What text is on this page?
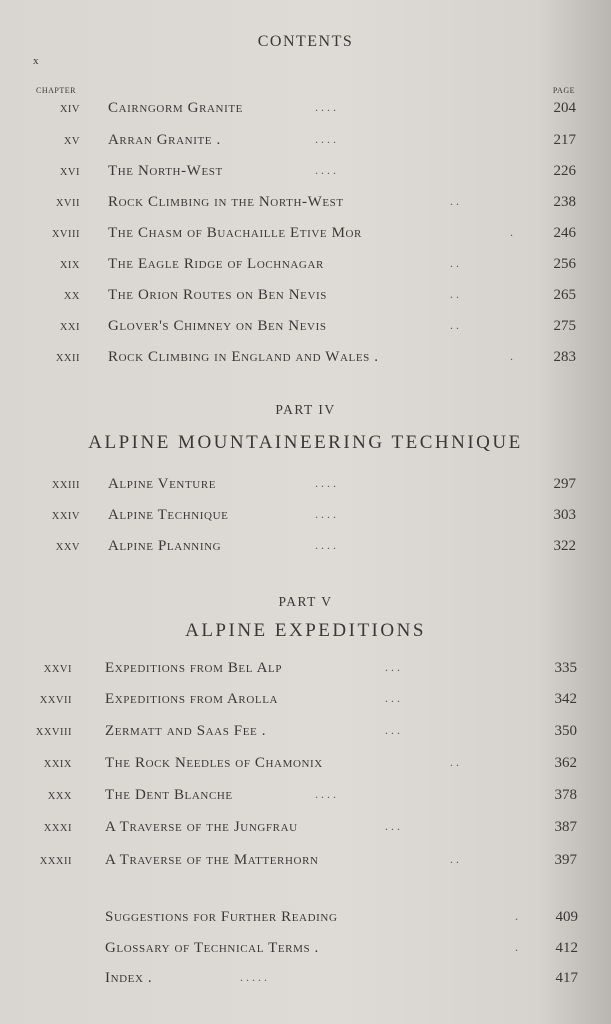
CONTENTS
x
CHAPTER	PAGE
XIV Cairngorm Granite	. . . .	204
XV Arran Granite .	. . . .	217
XVI The North-West	. . . .	226
XVII Rock Climbing in the North-West	. .	238
XVIII The Chasm of Buachaille Etive Mor	.	246
XIX The Eagle Ridge of Lochnagar	. .	256
XX The Orion Routes on Ben Nevis	. .	265
XXI Glover's Chimney on Ben Nevis	. .	275
XXII Rock Climbing in England and Wales .	.	283
PART IV
ALPINE MOUNTAINEERING TECHNIQUE
XXIII Alpine Venture	. . . .	297
XXIV Alpine Technique	. . . .	303
XXV Alpine Planning	. . . .	322
PART V
ALPINE EXPEDITIONS
XXVI Expeditions from Bel Alp	. . .	335
XXVII Expeditions from Arolla	. . .	342
XXVIII Zermatt and Saas Fee .	. . .	350
XXIX The Rock Needles of Chamonix	. .	362
XXX The Dent Blanche	. . . .	378
XXXI A Traverse of the Jungfrau	. . .	387
XXXII A Traverse of the Matterhorn	. .	397
Suggestions for Further Reading	.	409
Glossary of Technical Terms .	.	412
Index .	. . . . .	417
